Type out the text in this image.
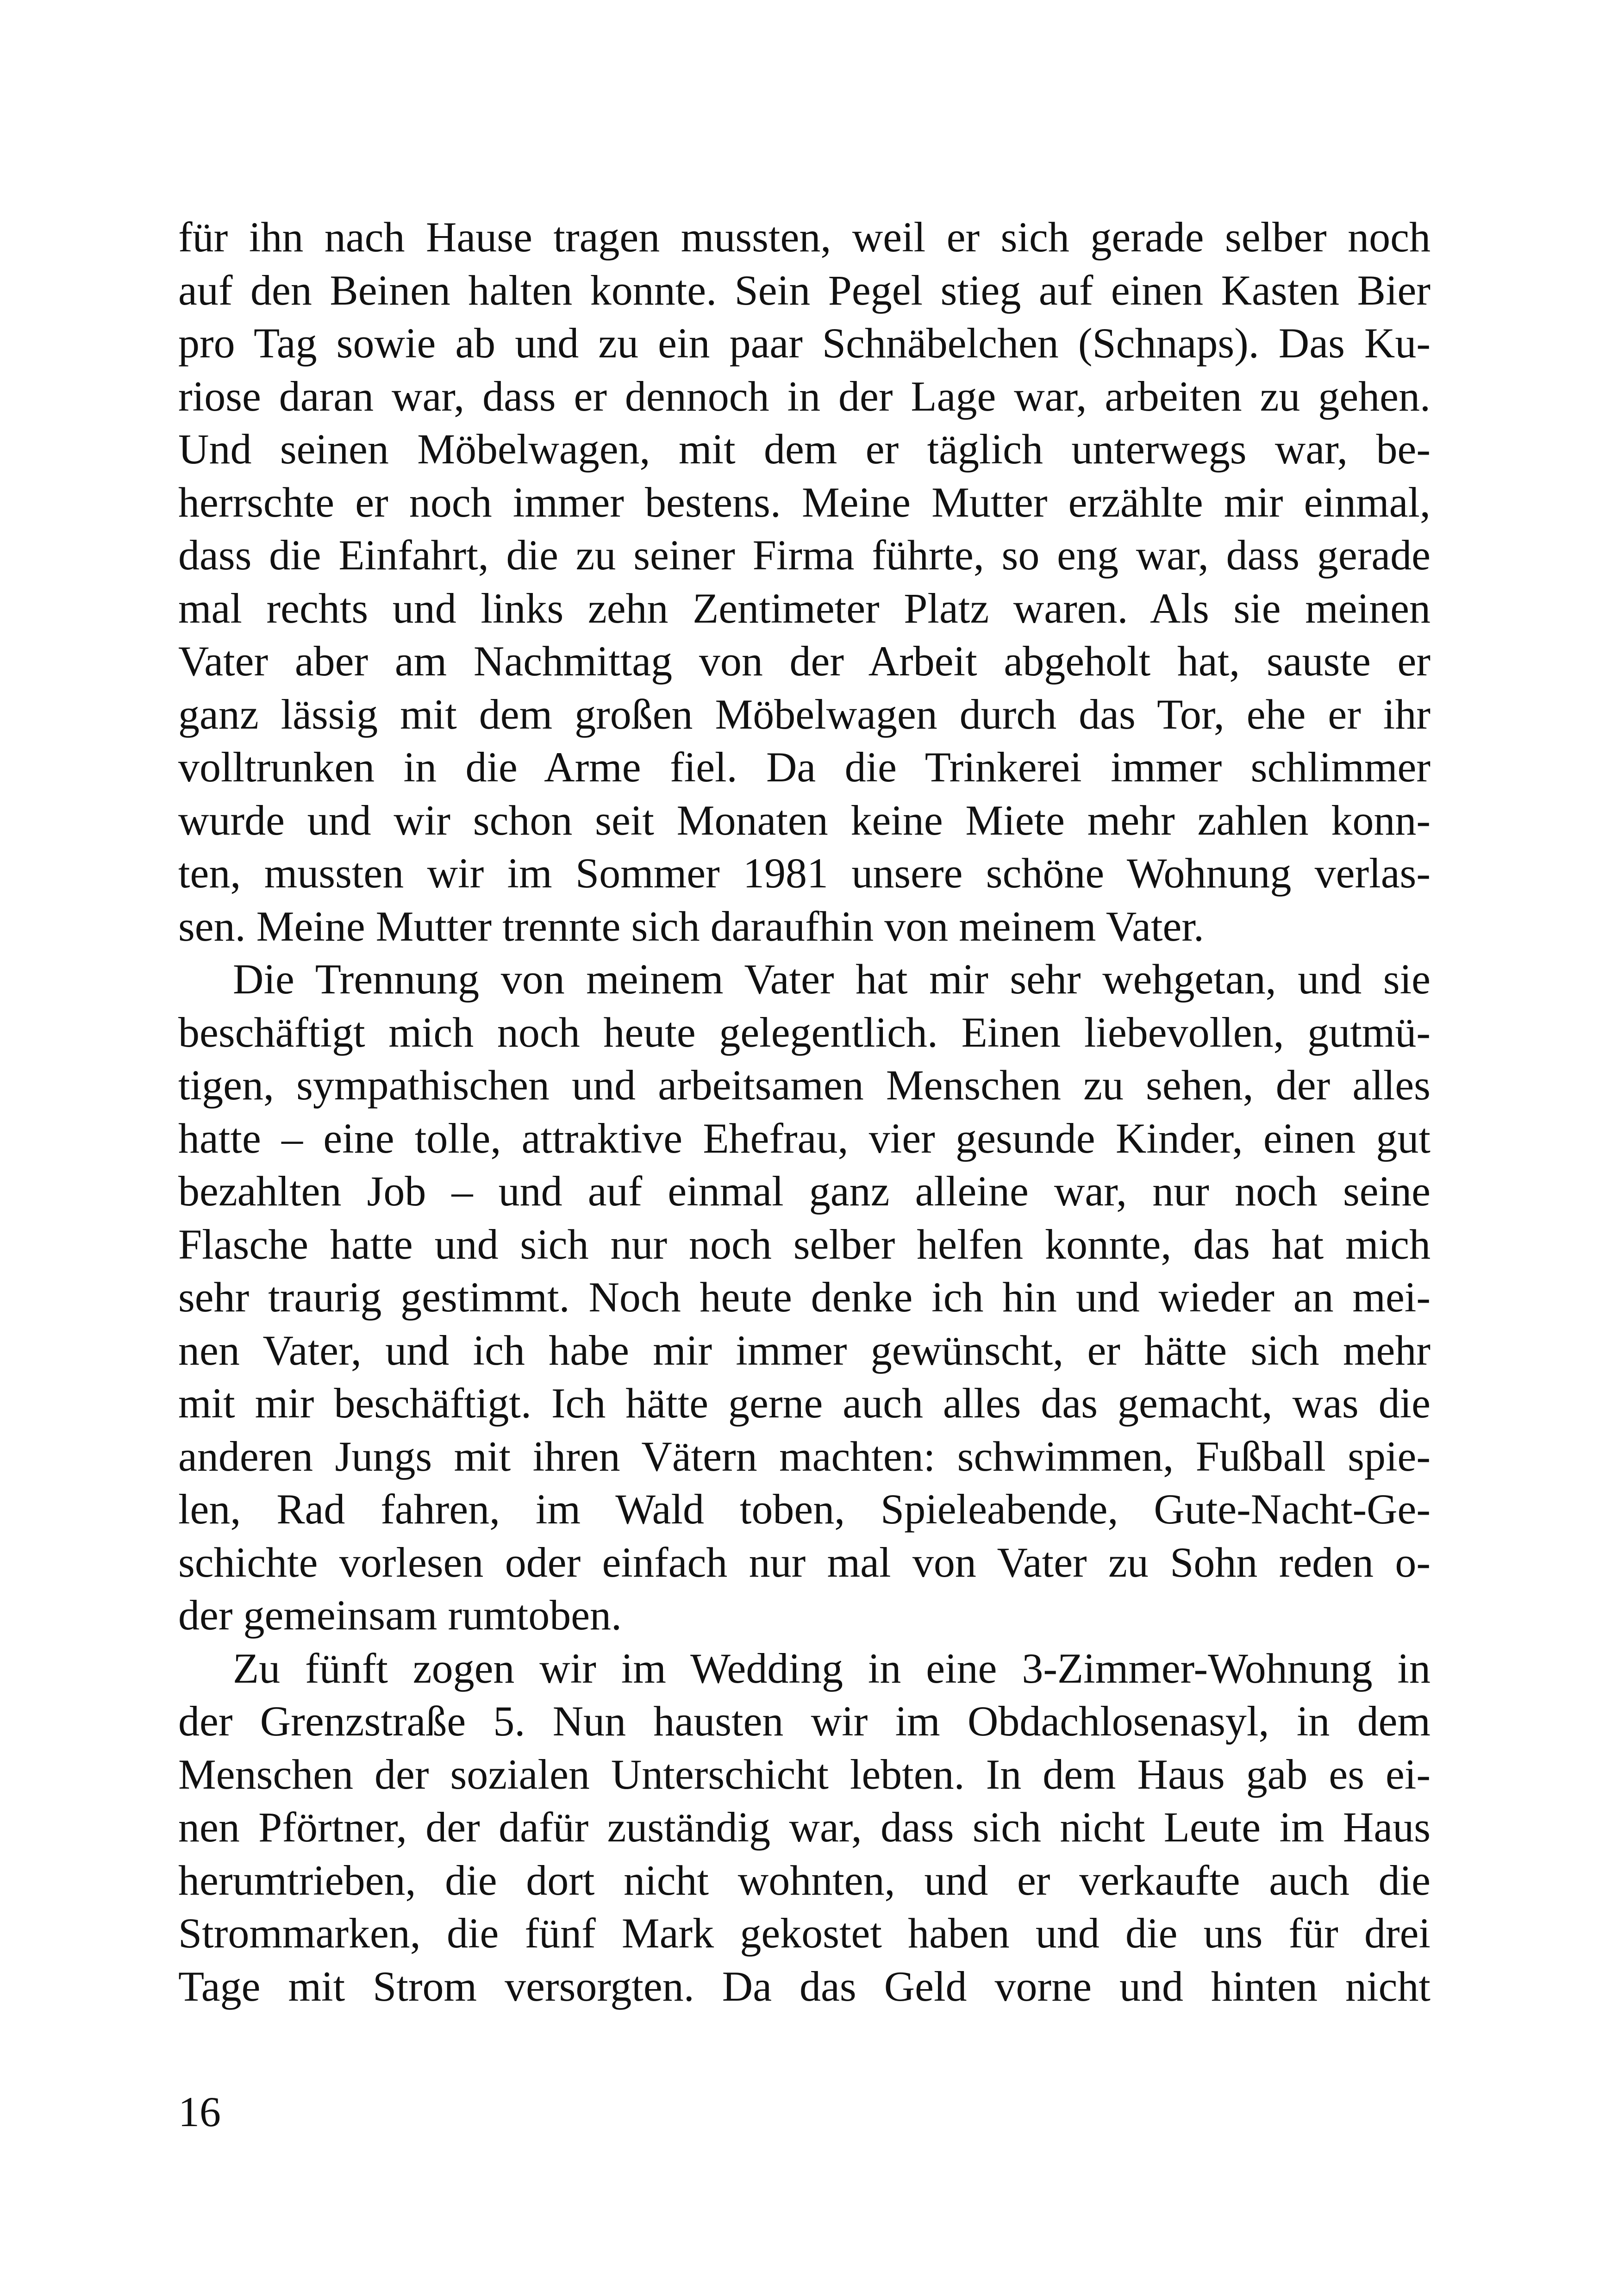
für ihn nach Hause tragen mussten, weil er sich gerade selber noch
auf den Beinen halten konnte. Sein Pegel stieg auf einen Kasten Bier
pro Tag sowie ab und zu ein paar Schnäbelchen (Schnaps). Das Ku-
riose daran war, dass er dennoch in der Lage war, arbeiten zu gehen.
Und seinen Möbelwagen, mit dem er täglich unterwegs war, be-
herrschte er noch immer bestens. Meine Mutter erzählte mir einmal,
dass die Einfahrt, die zu seiner Firma führte, so eng war, dass gerade
mal rechts und links zehn Zentimeter Platz waren. Als sie meinen
Vater aber am Nachmittag von der Arbeit abgeholt hat, sauste er
ganz lässig mit dem großen Möbelwagen durch das Tor, ehe er ihr
volltrunken in die Arme fiel. Da die Trinkerei immer schlimmer
wurde und wir schon seit Monaten keine Miete mehr zahlen konn-
ten, mussten wir im Sommer 1981 unsere schöne Wohnung verlas-
sen. Meine Mutter trennte sich daraufhin von meinem Vater.
Die Trennung von meinem Vater hat mir sehr wehgetan, und sie
beschäftigt mich noch heute gelegentlich. Einen liebevollen, gutmü-
tigen, sympathischen und arbeitsamen Menschen zu sehen, der alles
hatte – eine tolle, attraktive Ehefrau, vier gesunde Kinder, einen gut
bezahlten Job – und auf einmal ganz alleine war, nur noch seine
Flasche hatte und sich nur noch selber helfen konnte, das hat mich
sehr traurig gestimmt. Noch heute denke ich hin und wieder an mei-
nen Vater, und ich habe mir immer gewünscht, er hätte sich mehr
mit mir beschäftigt. Ich hätte gerne auch alles das gemacht, was die
anderen Jungs mit ihren Vätern machten: schwimmen, Fußball spie-
len, Rad fahren, im Wald toben, Spieleabende, Gute-Nacht-Ge-
schichte vorlesen oder einfach nur mal von Vater zu Sohn reden o-
der gemeinsam rumtoben.
Zu fünft zogen wir im Wedding in eine 3-Zimmer-Wohnung in
der Grenzstraße 5. Nun hausten wir im Obdachlosenasyl, in dem
Menschen der sozialen Unterschicht lebten. In dem Haus gab es ei-
nen Pförtner, der dafür zuständig war, dass sich nicht Leute im Haus
herumtrieben, die dort nicht wohnten, und er verkaufte auch die
Strommarken, die fünf Mark gekostet haben und die uns für drei
Tage mit Strom versorgten. Da das Geld vorne und hinten nicht
16
